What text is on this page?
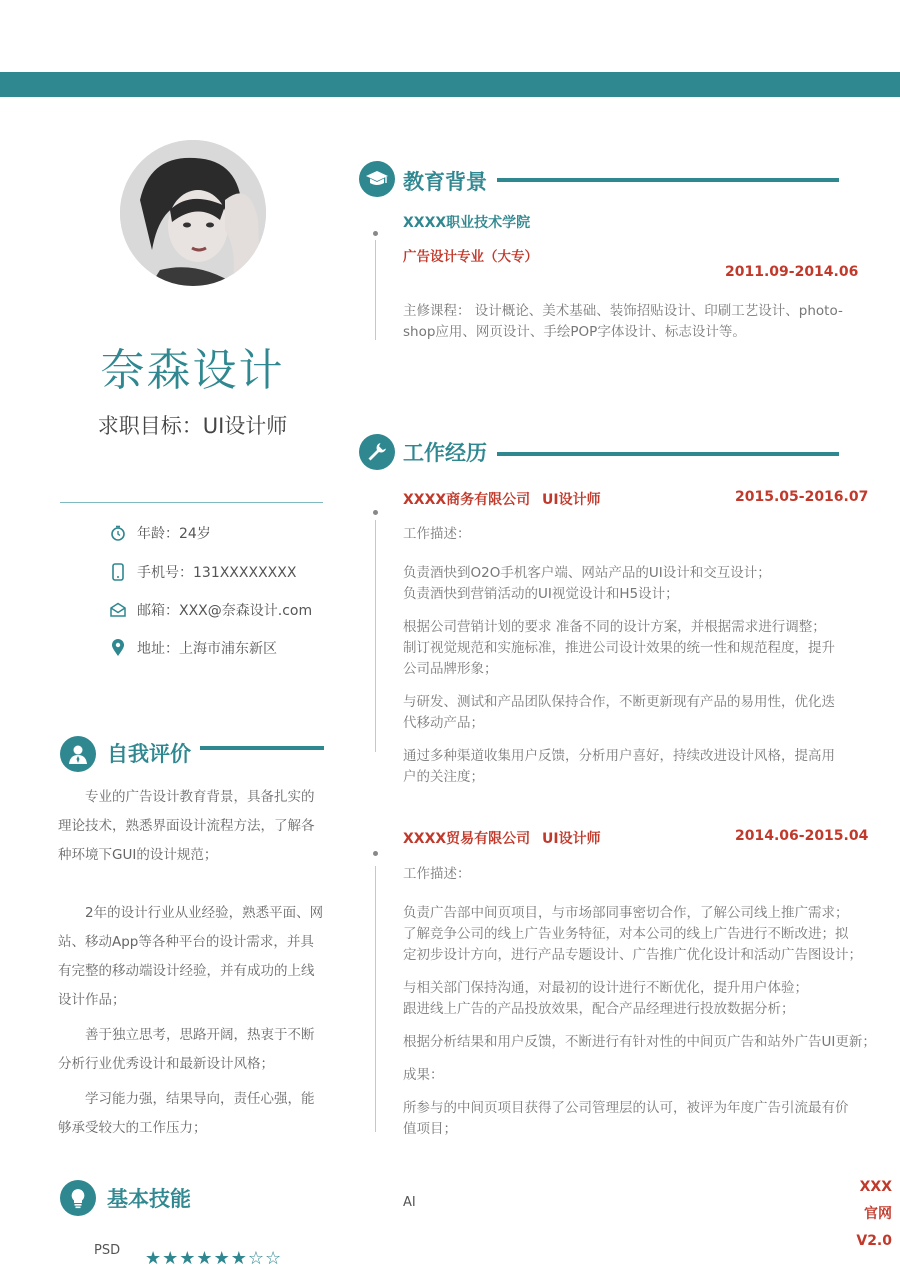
奈森设计
求职目标：UI设计师
年龄：24岁
手机号：131XXXXXXXX
邮箱：XXX@奈森设计.com
地址：上海市浦东新区
自我评价

专业的广告设计教育背景，具备扎实的理论技术，熟悉界面设计流程方法，了解各种环境下GUI的设计规范；

2年的设计行业从业经验，熟悉平面、网站、移动App等各种平台的设计需求，并具有完整的移动端设计经验，并有成功的上线设计作品；

善于独立思考，思路开阔，热衷于不断分析行业优秀设计和最新设计风格；

学习能力强，结果导向，责任心强，能够承受较大的工作压力；

基本技能
PSD ★★★★★★☆☆
教育背景
XXXX职业技术学院
广告设计专业（大专）
2011.09-2014.06
主修课程： 设计概论、美术基础、装饰招贴设计、印刷工艺设计、photo-
shop应用、网页设计、手绘POP字体设计、标志设计等。
工作经历
XXXX商务有限公司 UI设计师	2015.05-2016.07
工作描述：
负责酒快到O2O手机客户端、网站产品的UI设计和交互设计；
负责酒快到营销活动的UI视觉设计和H5设计；
根据公司营销计划的要求 准备不同的设计方案，并根据需求进行调整；
制订视觉规范和实施标准，推进公司设计效果的统一性和规范程度，提升
公司品牌形象；
与研发、测试和产品团队保持合作，不断更新现有产品的易用性，优化迭
代移动产品；
通过多种渠道收集用户反馈，分析用户喜好，持续改进设计风格，提高用
户的关注度；
XXXX贸易有限公司 UI设计师	2014.06-2015.04
工作描述：
负责广告部中间页项目，与市场部同事密切合作，了解公司线上推广需求；
了解竞争公司的线上广告业务特征，对本公司的线上广告进行不断改进；拟
定初步设计方向，进行产品专题设计、广告推广优化设计和活动广告图设计；
与相关部门保持沟通，对最初的设计进行不断优化，提升用户体验；
跟进线上广告的产品投放效果，配合产品经理进行投放数据分析；
根据分析结果和用户反馈，不断进行有针对性的中间页广告和站外广告UI更新；
成果：
所参与的中间页项目获得了公司管理层的认可，被评为年度广告引流最有价
值项目；
AI
XXX
官网
V2.0
